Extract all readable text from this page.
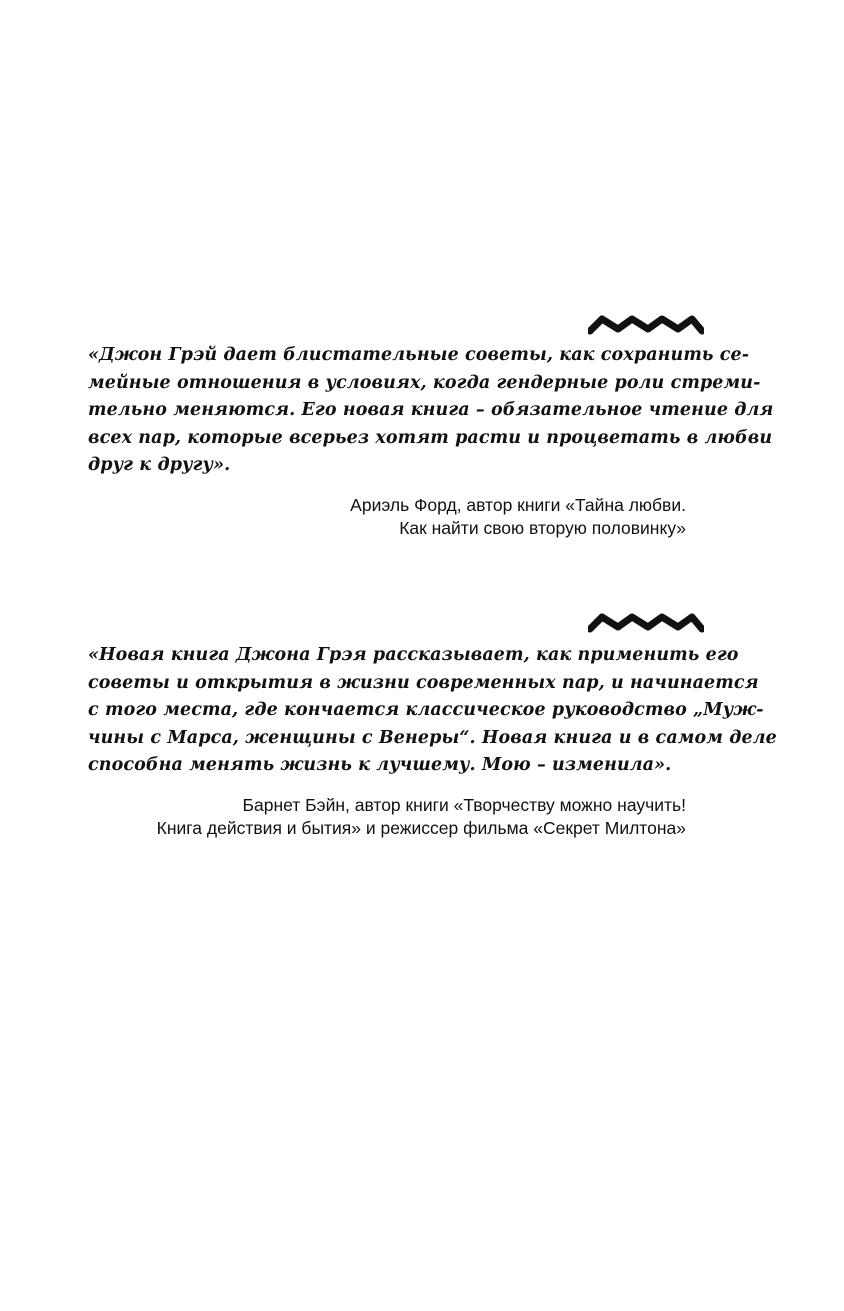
«Джон Грэй дает блистательные советы, как сохранить се-
мейные отношения в условиях, когда гендерные роли стреми-
тельно меняются. Его новая книга – обязательное чтение для
всех пар, которые всерьез хотят расти и процветать в любви
друг к другу».

Ариэль Форд, автор книги «Тайна любви.
Как найти свою вторую половинку»

«Новая книга Джона Грэя рассказывает, как применить его
советы и открытия в жизни современных пар, и начинается
с того места, где кончается классическое руководство „Муж-
чины с Марса, женщины с Венеры“. Новая книга и в самом деле
способна менять жизнь к лучшему. Мою – изменила».

Барнет Бэйн, автор книги «Творчеству можно научить!
Книга действия и бытия» и режиссер фильма «Секрет Милтона»
